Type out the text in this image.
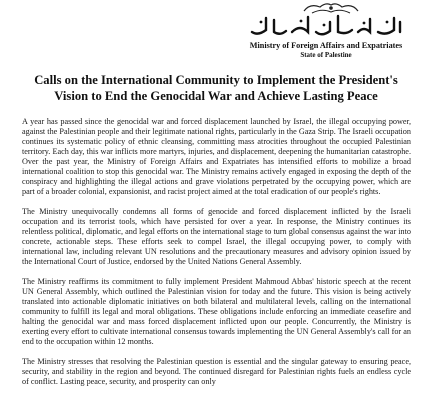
Ministry of Foreign Affairs and Expatriates
State of Palestine
Calls on the International Community to Implement the President's Vision to End the Genocidal War and Achieve Lasting Peace

A year has passed since the genocidal war and forced displacement launched by Israel, the illegal occupying power, against the Palestinian people and their legitimate national rights, particularly in the Gaza Strip. The Israeli occupation continues its systematic policy of ethnic cleansing, committing mass atrocities throughout the occupied Palestinian territory. Each day, this war inflicts more martyrs, injuries, and displacement, deepening the humanitarian catastrophe. Over the past year, the Ministry of Foreign Affairs and Expatriates has intensified efforts to mobilize a broad international coalition to stop this genocidal war. The Ministry remains actively engaged in exposing the depth of the conspiracy and highlighting the illegal actions and grave violations perpetrated by the occupying power, which are part of a broader colonial, expansionist, and racist project aimed at the total eradication of our people's rights.

The Ministry unequivocally condemns all forms of genocide and forced displacement inflicted by the Israeli occupation and its terrorist tools, which have persisted for over a year. In response, the Ministry continues its relentless political, diplomatic, and legal efforts on the international stage to turn global consensus against the war into concrete, actionable steps. These efforts seek to compel Israel, the illegal occupying power, to comply with international law, including relevant UN resolutions and the precautionary measures and advisory opinion issued by the International Court of Justice, endorsed by the United Nations General Assembly.

The Ministry reaffirms its commitment to fully implement President Mahmoud Abbas' historic speech at the recent UN General Assembly, which outlined the Palestinian vision for today and the future. This vision is being actively translated into actionable diplomatic initiatives on both bilateral and multilateral levels, calling on the international community to fulfill its legal and moral obligations. These obligations include enforcing an immediate ceasefire and halting the genocidal war and mass forced displacement inflicted upon our people. Concurrently, the Ministry is exerting every effort to cultivate international consensus towards implementing the UN General Assembly's call for an end to the occupation within 12 months.

The Ministry stresses that resolving the Palestinian question is essential and the singular gateway to ensuring peace, security, and stability in the region and beyond. The continued disregard for Palestinian rights fuels an endless cycle of conflict. Lasting peace, security, and prosperity can only
